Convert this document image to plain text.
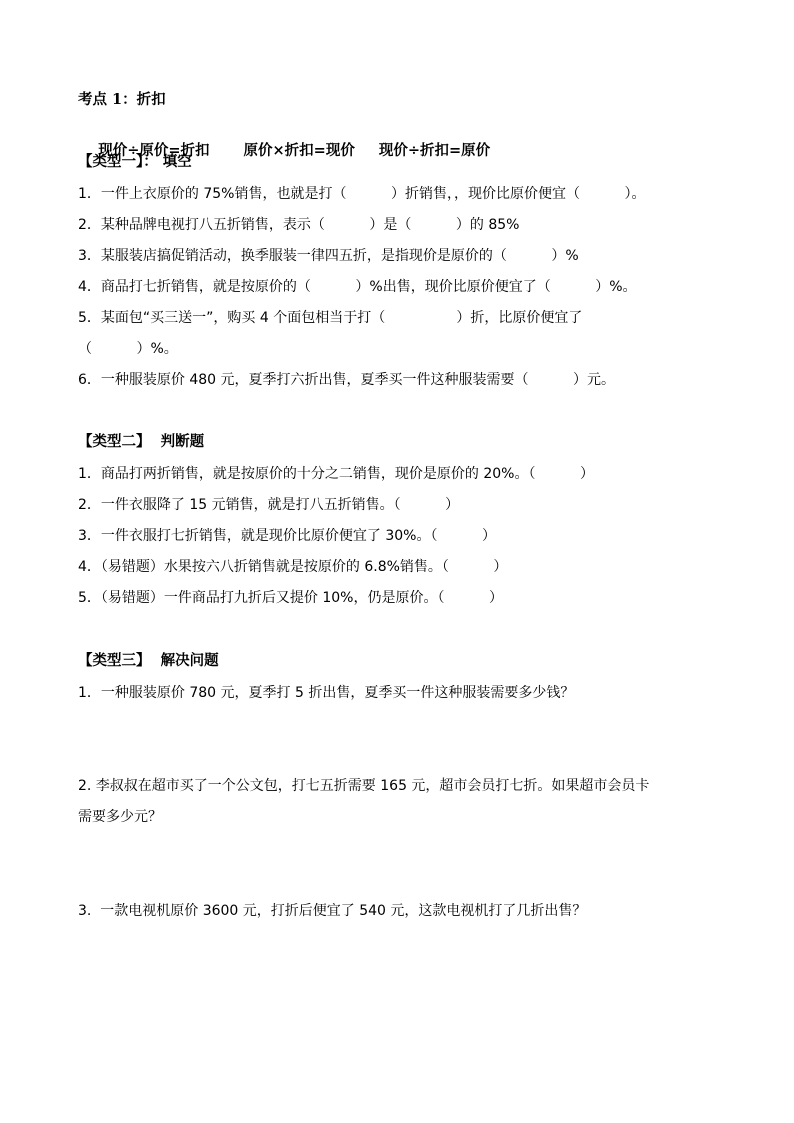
考点 1：折扣

现价÷原价=折扣 原价×折扣=现价 现价÷折扣=原价

【类型一】： 填空
1．一件上衣原价的 75%销售，也就是打（          ）折销售，，现价比原价便宜（          ）。
2．某种品牌电视打八五折销售，表示（          ）是（          ）的 85%
3．某服装店搞促销活动，换季服装一律四五折，是指现价是原价的（          ）%
4．商品打七折销售，就是按原价的（          ）%出售，现价比原价便宜了（          ）%。
5．某面包“买三送一”，购买 4 个面包相当于打（                ）折，比原价便宜了
（          ）%。
6．一种服装原价 480 元，夏季打六折出售，夏季买一件这种服装需要（          ）元。
【类型二】  判断题
1．商品打两折销售，就是按原价的十分之二销售，现价是原价的 20%。（          ）
2．一件衣服降了 15 元销售，就是打八五折销售。（          ）
3．一件衣服打七折销售，就是现价比原价便宜了 30%。（          ）
4．（易错题）水果按六八折销售就是按原价的 6.8%销售。（          ）
5．（易错题）一件商品打九折后又提价 10%，仍是原价。（          ）
【类型三】  解决问题
1．一种服装原价 780 元，夏季打 5 折出售，夏季买一件这种服装需要多少钱？
2. 李叔叔在超市买了一个公文包，打七五折需要 165 元，超市会员打七折。如果超市会员卡
需要多少元？
3.  一款电视机原价 3600 元，打折后便宜了 540 元，这款电视机打了几折出售？
